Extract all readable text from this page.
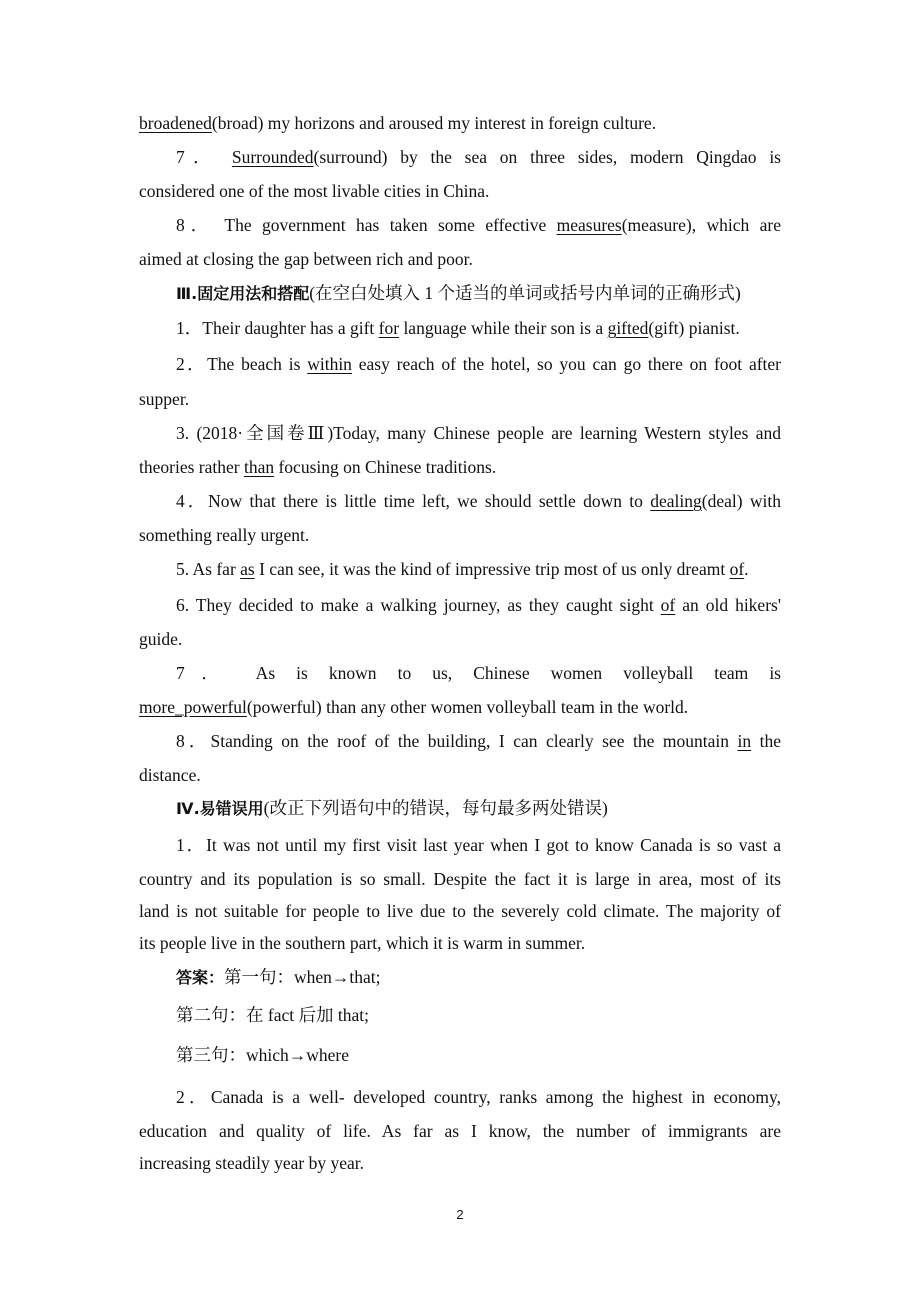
broadened(broad) my horizons and aroused my interest in foreign culture.
7． Surrounded(surround) by the sea on three sides, modern Qingdao is
considered one of the most livable cities in China.
8． The government has taken some effective measures(measure), which are
aimed at closing the gap between rich and poor.
Ⅲ.固定用法和搭配(在空白处填入 1 个适当的单词或括号内单词的正确形式)
1．Their daughter has a gift for language while their son is a gifted(gift) pianist.
2．The beach is within easy reach of the hotel, so you can go there on foot after
supper.
3. (2018·全国卷Ⅲ)Today, many Chinese people are learning Western styles and
theories rather than focusing on Chinese traditions.
4．Now that there is little time left, we should settle down to dealing(deal) with
something really urgent.
5. As far as I can see, it was the kind of impressive trip most of us only dreamt of.
6. They decided to make a walking journey, as they caught sight of an old hikers'
guide.
7． As is known to us, Chinese women volleyball team is
more_powerful(powerful) than any other women volleyball team in the world.
8．Standing on the roof of the building, I can clearly see the mountain in the
distance.
Ⅳ.易错误用(改正下列语句中的错误，每句最多两处错误)
1．It was not until my first visit last year when I got to know Canada is so vast a
country and its population is so small. Despite the fact it is large in area, most of its
land is not suitable for people to live due to the severely cold climate. The majority of
its people live in the southern part, which it is warm in summer.
答案：第一句：when→that;
第二句：在 fact 后加 that;
第三句：which→where
2．Canada is a well- developed country, ranks among the highest in economy,
education and quality of life. As far as I know, the number of immigrants are
increasing steadily year by year.
2
